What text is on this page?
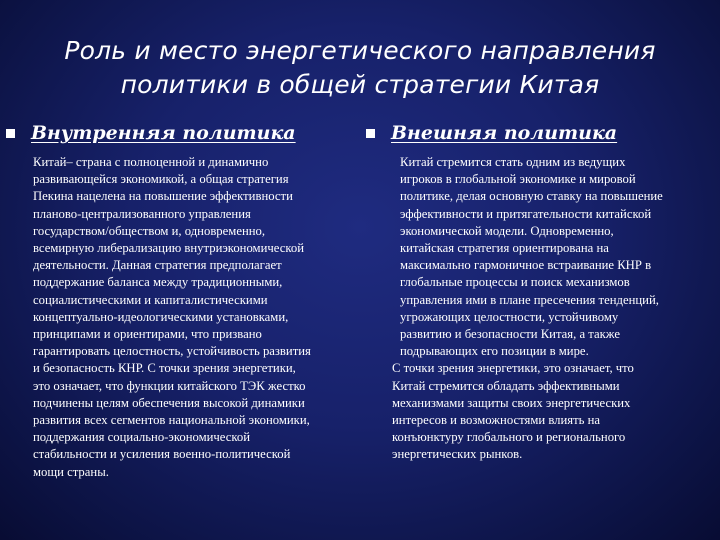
Роль и место энергетического направления
политики в общей стратегии Китая
Внутренняя политика
Китай– страна с полноценной и динамично
развивающейся экономикой, а общая стратегия
Пекина нацелена на повышение эффективности
планово-централизованного управления
государством/обществом и, одновременно,
всемирную либерализацию внутриэкономической
деятельности. Данная стратегия предполагает
поддержание баланса между традиционными,
социалистическими и капиталистическими
концептуально-идеологическими установками,
принципами и ориентирами, что призвано
гарантировать целостность, устойчивость развития
и безопасность КНР. С точки зрения энергетики,
это означает, что функции китайского ТЭК жестко
подчинены целям обеспечения высокой динамики
развития всех сегментов национальной экономики,
поддержания социально-экономической
стабильности и усиления военно-политической
мощи страны.
Внешняя политика
Китай стремится стать одним из ведущих
игроков в глобальной экономике и мировой
политике, делая основную ставку на повышение
эффективности и притягательности китайской
экономической модели. Одновременно,
китайская стратегия ориентирована на
максимально гармоничное встраивание КНР в
глобальные процессы и поиск механизмов
управления ими в плане пресечения тенденций,
угрожающих целостности, устойчивому
развитию и безопасности Китая, а также
подрывающих его позиции в мире.
С точки зрения энергетики, это означает, что
Китай стремится обладать эффективными
механизмами защиты своих энергетических
интересов и возможностями влиять на
конъюнктуру глобального и регионального
энергетических рынков.
